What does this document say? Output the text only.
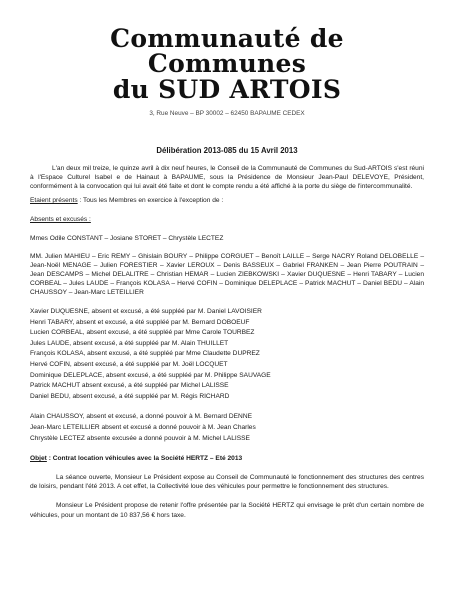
Communauté de Communes
du SUD ARTOIS
3, Rue Neuve – BP 30002 – 62450 BAPAUME CEDEX
Délibération 2013-085 du 15 Avril 2013

L'an deux mil treize, le quinze avril à dix neuf heures, le Conseil de la Communauté de Communes du Sud-ARTOIS s'est réuni à l'Espace Culturel Isabel e de Hainaut à BAPAUME, sous la Présidence de Monsieur Jean-Paul DELEVOYE, Président, conformément à la convocation qui lui avait été faite et dont le compte rendu a été affiché à la porte du siège de l'intercommunalité.

Etaient présents : Tous les Membres en exercice à l'exception de :

Absents et excusés :

Mmes Odile CONSTANT – Josiane STORET – Chrystèle LECTEZ

MM. Julien MAHIEU – Eric REMY – Ghislain BOURY – Philippe CORGUET – Benoît LAILLE – Serge NACRY Roland DELOBELLE – Jean-Noël MENAGE – Julien FORESTIER – Xavier LEROUX – Denis BASSEUX – Gabriel FRANKEN – Jean Pierre POUTRAIN – Jean DESCAMPS – Michel DELALITRE – Christian HEMAR – Lucien ZIEBKOWSKI – Xavier DUQUESNE – Henri TABARY – Lucien CORBEAL – Jules LAUDE – François KOLASA – Hervé COFIN – Dominique DELEPLACE – Patrick MACHUT – Daniel BEDU – Alain CHAUSSOY – Jean-Marc LETEILLIER

Xavier DUQUESNE, absent et excusé, a été suppléé par M. Daniel LAVOISIER

Henri TABARY, absent et excusé, a été suppléé par M. Bernard DOBOEUF

Lucien CORBEAL, absent excusé, a été suppléé par Mme Carole TOURBEZ

Jules LAUDE, absent excusé, a été suppléé par M. Alain THUILLET

François KOLASA, absent excusé, a été suppléé par Mme Claudette DUPREZ

Hervé COFIN, absent excusé, a été suppléé par M. Joël LOCQUET

Dominique DELEPLACE, absent excusé, a été suppléé par M. Philippe SAUVAGE

Patrick MACHUT absent excusé, a été suppléé par Michel LALISSE

Daniel BEDU, absent excusé, a été suppléé par M. Régis RICHARD

Alain CHAUSSOY, absent et excusé, a donné pouvoir à M. Bernard DENNE

Jean-Marc LETEILLIER absent et excusé a donné pouvoir à M. Jean Charles

Chrystèle LECTEZ absente excusée a donné pouvoir à M. Michel LALISSE

Objet : Contrat location véhicules avec la Société HERTZ – Eté 2013

La séance ouverte, Monsieur Le Président expose au Conseil de Communauté le fonctionnement des structures des centres de loisirs, pendant l'été 2013. A cet effet, la Collectivité loue des véhicules pour permettre le fonctionnement des structures.

Monsieur Le Président propose de retenir l'offre présentée par la Société HERTZ qui envisage le prêt d'un certain nombre de véhicules, pour un montant de 10 837,56 € hors taxe.
